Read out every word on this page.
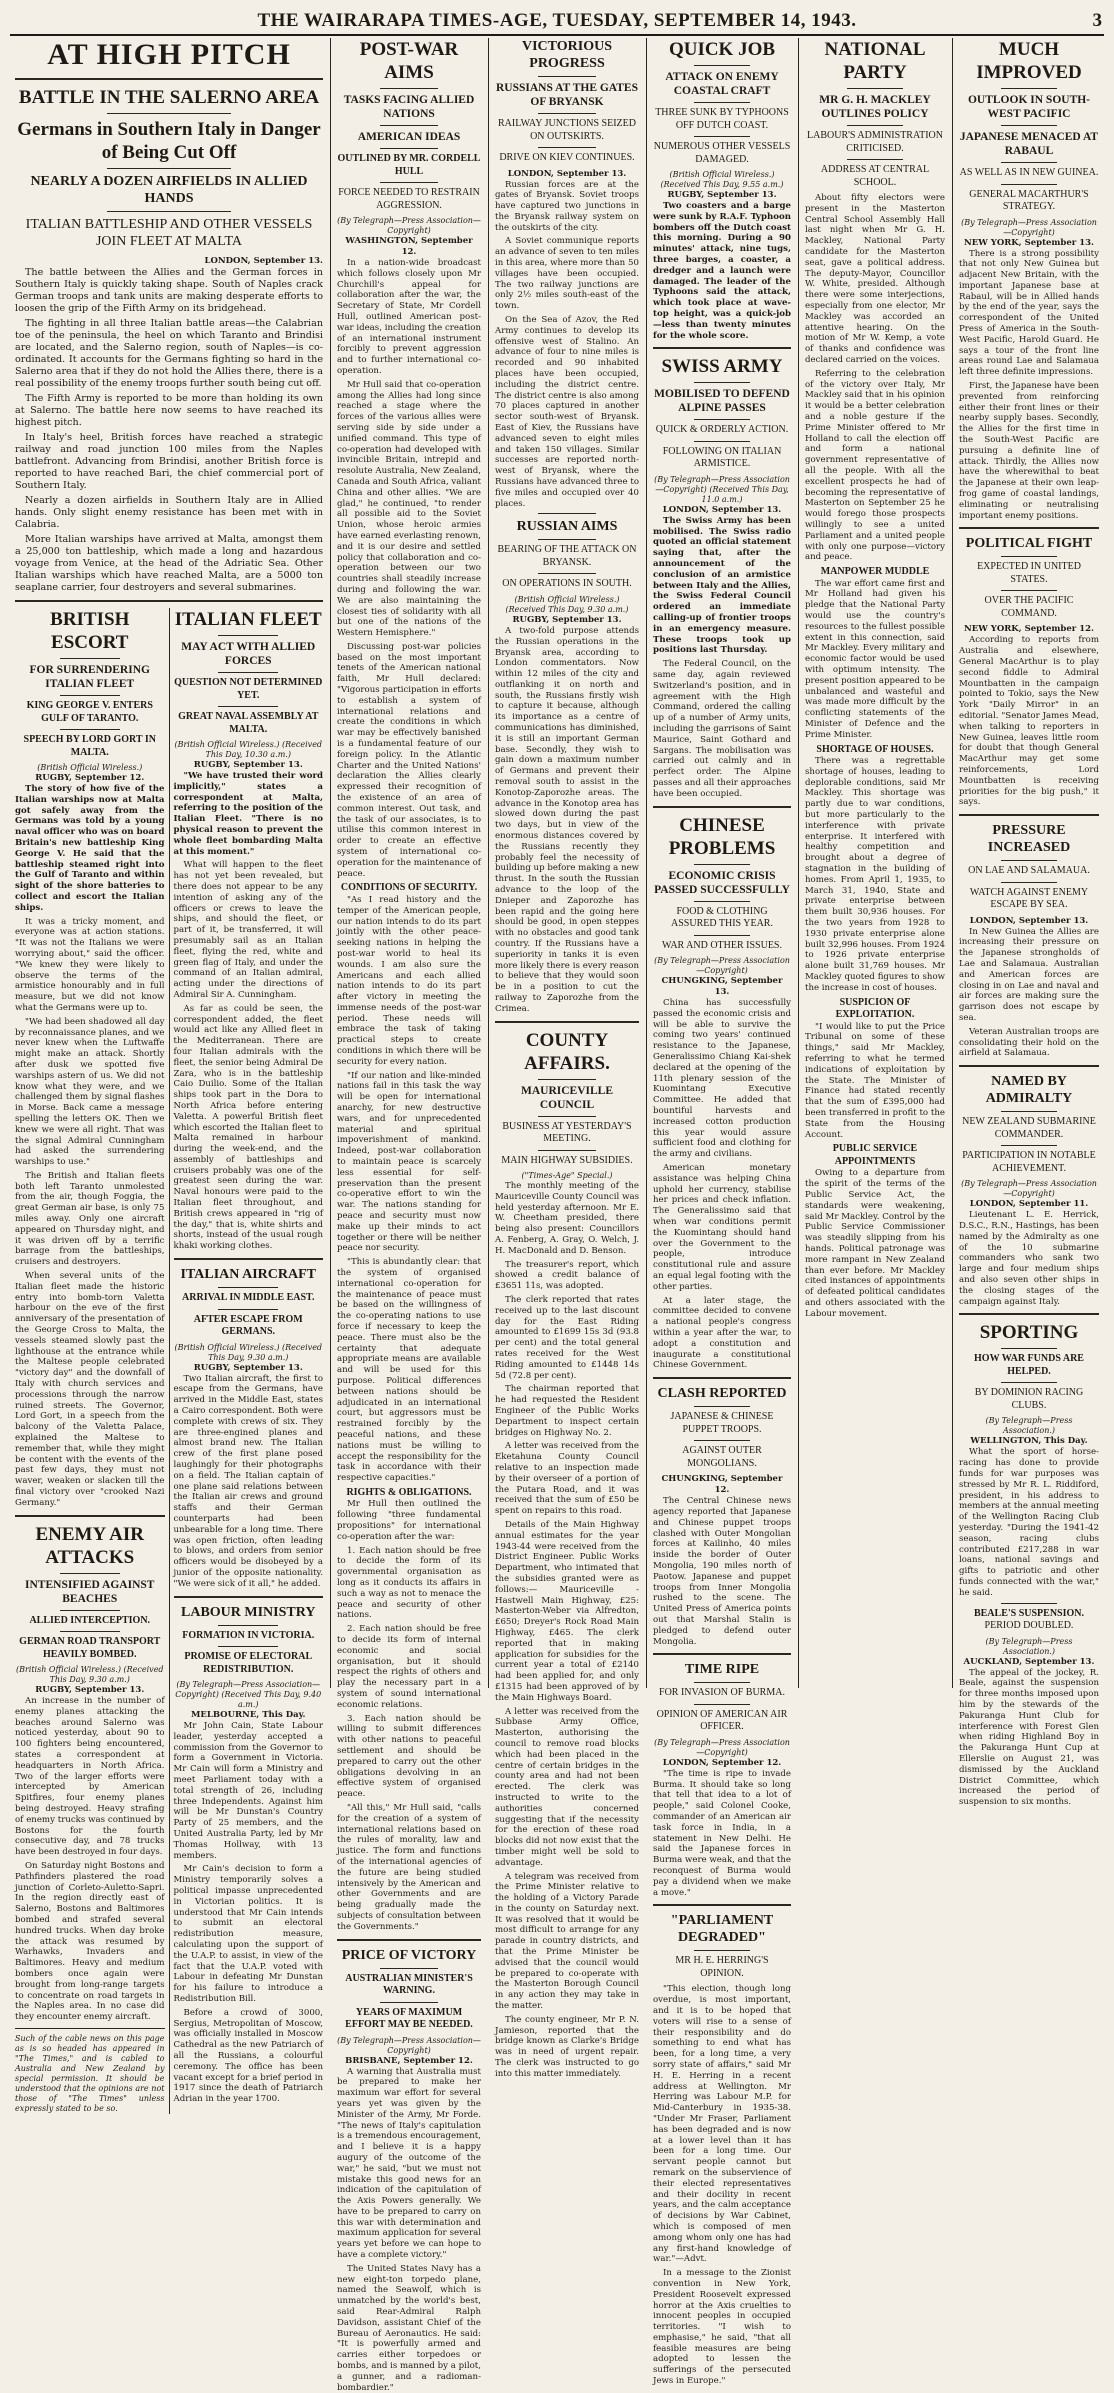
THE WAIRARAPA TIMES-AGE, TUESDAY, SEPTEMBER 14, 1943.	3
AT HIGH PITCH
BATTLE IN THE SALERNO AREA
Germans in Southern Italy in Danger of Being Cut Off
NEARLY A DOZEN AIRFIELDS IN ALLIED HANDS
ITALIAN BATTLESHIP AND OTHER VESSELS JOIN FLEET AT MALTA
LONDON, September 13.

The battle between the Allies and the German forces in Southern Italy is quickly taking shape. South of Naples crack German troops and tank units are making desperate efforts to loosen the grip of the Fifth Army on its bridgehead.

The fighting in all three Italian battle areas—the Calabrian toe of the peninsula, the heel on which Taranto and Brindisi are located, and the Salerno region, south of Naples—is co-ordinated. It accounts for the Germans fighting so hard in the Salerno area that if they do not hold the Allies there, there is a real possibility of the enemy troops further south being cut off.

The Fifth Army is reported to be more than holding its own at Salerno. The battle here now seems to have reached its highest pitch.

In Italy's heel, British forces have reached a strategic railway and road junction 100 miles from the Naples battlefront. Advancing from Brindisi, another British force is reported to have reached Bari, the chief commercial port of Southern Italy.

Nearly a dozen airfields in Southern Italy are in Allied hands. Only slight enemy resistance has been met with in Calabria.

More Italian warships have arrived at Malta, amongst them a 25,000 ton battleship, which made a long and hazardous voyage from Venice, at the head of the Adriatic Sea. Other Italian warships which have reached Malta, are a 5000 ton seaplane carrier, four destroyers and several submarines.

BRITISH ESCORT
FOR SURRENDERING ITALIAN FLEET
KING GEORGE V. ENTERS GULF OF TARANTO.
SPEECH BY LORD GORT IN MALTA.
(British Official Wireless.)
RUGBY, September 12.

The story of how five of the Italian warships now at Malta got safely away from the Germans was told by a young naval officer who was on board Britain's new battleship King George V. He said that the battleship steamed right into the Gulf of Taranto and within sight of the shore batteries to collect and escort the Italian ships.

It was a tricky moment, and everyone was at action stations. "It was not the Italians we were worrying about," said the officer. "We knew they were likely to observe the terms of the armistice honourably and in full measure, but we did not know what the Germans were up to.

"We had been shadowed all day by reconnaissance planes, and we never knew when the Luftwaffe might make an attack. Shortly after dusk we spotted five warships astern of us. We did not know what they were, and we challenged them by signal flashes in Morse. Back came a message spelling the letters OK. Then we knew we were all right. That was the signal Admiral Cunningham had asked the surrendering warships to use."

The British and Italian fleets both left Taranto unmolested from the air, though Foggia, the great German air base, is only 75 miles away. Only one aircraft appeared on Thursday night, and it was driven off by a terrific barrage from the battleships, cruisers and destroyers.

When several units of the Italian fleet made the historic entry into bomb-torn Valetta harbour on the eve of the first anniversary of the presentation of the George Cross to Malta, the vessels steamed slowly past the lighthouse at the entrance while the Maltese people celebrated "victory day" and the downfall of Italy with church services and processions through the narrow ruined streets. The Governor, Lord Gort, in a speech from the balcony of the Valetta Palace, explained the Maltese to remember that, while they might be content with the events of the past few days, they must not waver, weaken or slacken till the final victory over "crooked Nazi Germany."

ENEMY AIR ATTACKS
INTENSIFIED AGAINST BEACHES
ALLIED INTERCEPTION.
GERMAN ROAD TRANSPORT HEAVILY BOMBED.
(British Official Wireless.) (Received This Day, 9.30 a.m.)
RUGBY, September 13.

An increase in the number of enemy planes attacking the beaches around Salerno was noticed yesterday, about 90 to 100 fighters being encountered, states a correspondent at headquarters in North Africa. Two of the larger efforts were intercepted by American Spitfires, four enemy planes being destroyed. Heavy strafing of enemy trucks was continued by Bostons for the fourth consecutive day, and 78 trucks have been destroyed in four days.

On Saturday night Bostons and Pathfinders plastered the road junction of Corleto-Auletto-Sapri. In the region directly east of Salerno, Bostons and Baltimores bombed and strafed several hundred trucks. When day broke the attack was resumed by Warhawks, Invaders and Baltimores. Heavy and medium bombers once again were brought from long-range targets to concentrate on road targets in the Naples area. In no case did they encounter enemy aircraft.

Such of the cable news on this page as is so headed has appeared in "The Times," and is cabled to Australia and New Zealand by special permission. It should be understood that the opinions are not those of "The Times" unless expressly stated to be so.
ITALIAN FLEET
MAY ACT WITH ALLIED FORCES
QUESTION NOT DETERMINED YET.
GREAT NAVAL ASSEMBLY AT MALTA.
(British Official Wireless.) (Received This Day, 10.30 a.m.)
RUGBY, September 13.

"We have trusted their word implicitly," states a correspondent at Malta, referring to the position of the Italian Fleet. "There is no physical reason to prevent the whole fleet bombarding Malta at this moment."

What will happen to the fleet has not yet been revealed, but there does not appear to be any intention of asking any of the officers or crews to leave the ships, and should the fleet, or part of it, be transferred, it will presumably sail as an Italian fleet, flying the red, white and green flag of Italy, and under the command of an Italian admiral, acting under the directions of Admiral Sir A. Cunningham.

As far as could be seen, the correspondent added, the fleet would act like any Allied fleet in the Mediterranean. There are four Italian admirals with the fleet, the senior being Admiral De Zara, who is in the battleship Caio Duilio. Some of the Italian ships took part in the Dora to North Africa before entering Valetta. A powerful British fleet which escorted the Italian fleet to Malta remained in harbour during the week-end, and the assembly of battleships and cruisers probably was one of the greatest seen during the war. Naval honours were paid to the Italian fleet throughout, and British crews appeared in "rig of the day," that is, white shirts and shorts, instead of the usual rough khaki working clothes.

ITALIAN AIRCRAFT
ARRIVAL IN MIDDLE EAST.
AFTER ESCAPE FROM GERMANS.
(British Official Wireless.) (Received This Day, 9.30 a.m.)
RUGBY, September 13.

Two Italian aircraft, the first to escape from the Germans, have arrived in the Middle East, states a Cairo correspondent. Both were complete with crews of six. They are three-engined planes and almost brand new. The Italian crew of the first plane posed laughingly for their photographs on a field. The Italian captain of one plane said relations between the Italian air crews and ground staffs and their German counterparts had been unbearable for a long time. There was open friction, often leading to blows, and orders from senior officers would be disobeyed by a junior of the opposite nationality. "We were sick of it all," he added.

LABOUR MINISTRY
FORMATION IN VICTORIA.
PROMISE OF ELECTORAL REDISTRIBUTION.
(By Telegraph—Press Association—Copyright) (Received This Day, 9.40 a.m.)
MELBOURNE, This Day.

Mr John Cain, State Labour leader, yesterday accepted a commission from the Governor to form a Government in Victoria. Mr Cain will form a Ministry and meet Parliament today with a total strength of 26, including three Independents. Against him will be Mr Dunstan's Country Party of 25 members, and the United Australia Party, led by Mr Thomas Hollway, with 13 members.

Mr Cain's decision to form a Ministry temporarily solves a political impasse unprecedented in Victorian politics. It is understood that Mr Cain intends to submit an electoral redistribution measure, calculating upon the support of the U.A.P. to assist, in view of the fact that the U.A.P. voted with Labour in defeating Mr Dunstan for his failure to introduce a Redistribution Bill.

Before a crowd of 3000, Sergius, Metropolitan of Moscow, was officially installed in Moscow Cathedral as the new Patriarch of all the Russians, a colourful ceremony. The office has been vacant except for a brief period in 1917 since the death of Patriarch Adrian in the year 1700.

POST-WAR AIMS
TASKS FACING ALLIED NATIONS
AMERICAN IDEAS
OUTLINED BY MR. CORDELL HULL
FORCE NEEDED TO RESTRAIN AGGRESSION.
(By Telegraph—Press Association—Copyright)
WASHINGTON, September 12.

In a nation-wide broadcast which follows closely upon Mr Churchill's appeal for collaboration after the war, the Secretary of State, Mr Cordell Hull, outlined American post-war ideas, including the creation of an international instrument forcibly to prevent aggression and to further international co-operation.

Mr Hull said that co-operation among the Allies had long since reached a stage where the forces of the various allies were serving side by side under a unified command. This type of co-operation had developed with invincible Britain, intrepid and resolute Australia, New Zealand, Canada and South Africa, valiant China and other allies. "We are glad," he continued, "to render all possible aid to the Soviet Union, whose heroic armies have earned everlasting renown, and it is our desire and settled policy that collaboration and co-operation between our two countries shall steadily increase during and following the war. We are also maintaining the closest ties of solidarity with all but one of the nations of the Western Hemisphere."

Discussing post-war policies based on the most important tenets of the American national faith, Mr Hull declared: "Vigorous participation in efforts to establish a system of international relations and create the conditions in which war may be effectively banished is a fundamental feature of our foreign policy. In the Atlantic Charter and the United Nations' declaration the Allies clearly expressed their recognition of the existence of an area of common interest. Out task, and the task of our associates, is to utilise this common interest in order to create an effective system of international co-operation for the maintenance of peace.

CONDITIONS OF SECURITY.

"As I read history and the temper of the American people, our nation intends to do its part jointly with the other peace-seeking nations in helping the post-war world to heal its wounds. I am also sure the Americans and each allied nation intends to do its part after victory in meeting the immense needs of the post-war period. These needs will embrace the task of taking practical steps to create conditions in which there will be security for every nation.

"If our nation and like-minded nations fail in this task the way will be open for international anarchy, for new destructive wars, and for unprecedented material and spiritual impoverishment of mankind. Indeed, post-war collaboration to maintain peace is scarcely less essential for self-preservation than the present co-operative effort to win the war. The nations standing for peace and security must now make up their minds to act together or there will be neither peace nor security.

"This is abundantly clear: that the system of organised international co-operation for the maintenance of peace must be based on the willingness of the co-operating nations to use force if necessary to keep the peace. There must also be the certainty that adequate appropriate means are available and will be used for this purpose. Political differences between nations should be adjudicated in an international court, but aggressors must be restrained forcibly by the peaceful nations, and these nations must be willing to accept the responsibility for the task in accordance with their respective capacities."

RIGHTS & OBLIGATIONS.

Mr Hull then outlined the following "three fundamental propositions" for international co-operation after the war:

1. Each nation should be free to decide the form of its governmental organisation as long as it conducts its affairs in such a way as not to menace the peace and security of other nations.

2. Each nation should be free to decide its form of internal economic and social organisation, but it should respect the rights of others and play the necessary part in a system of sound international economic relations.

3. Each nation should be willing to submit differences with other nations to peaceful settlement and should be prepared to carry out the other obligations devolving in an effective system of organised peace.

"All this," Mr Hull said, "calls for the creation of a system of international relations based on the rules of morality, law and justice. The form and functions of the international agencies of the future are being studied intensively by the American and other Governments and are being gradually made the subjects of consultation between the Governments."

PRICE OF VICTORY
AUSTRALIAN MINISTER'S WARNING.
YEARS OF MAXIMUM EFFORT MAY BE NEEDED.
(By Telegraph—Press Association—Copyright)
BRISBANE, September 12.

A warning that Australia must be prepared to make her maximum war effort for several years yet was given by the Minister of the Army, Mr Forde. "The news of Italy's capitulation is a tremendous encouragement, and I believe it is a happy augury of the outcome of the war," he said, "but we must not mistake this good news for an indication of the capitulation of the Axis Powers generally. We have to be prepared to carry on this war with determination and maximum application for several years yet before we can hope to have a complete victory."

The United States Navy has a new eight-ton torpedo plane, named the Seawolf, which is unmatched by the world's best, said Rear-Admiral Ralph Davidson, assistant Chief of the Bureau of Aeronautics. He said: "It is powerfully armed and carries either torpedoes or bombs, and is manned by a pilot, a gunner, and a radioman-bombardier."

VICTORIOUS PROGRESS
RUSSIANS AT THE GATES OF BRYANSK
RAILWAY JUNCTIONS SEIZED ON OUTSKIRTS.
DRIVE ON KIEV CONTINUES.
LONDON, September 13.

Russian forces are at the gates of Bryansk. Soviet troops have captured two junctions in the Bryansk railway system on the outskirts of the city.

A Soviet communique reports an advance of seven to ten miles in this area, where more than 50 villages have been occupied. The two railway junctions are only 2½ miles south-east of the town.

On the Sea of Azov, the Red Army continues to develop its offensive west of Stalino. An advance of four to nine miles is recorded and 90 inhabited places have been occupied, including the district centre. The district centre is also among 70 places captured in another sector south-west of Bryansk. East of Kiev, the Russians have advanced seven to eight miles and taken 150 villages. Similar successes are reported north-west of Bryansk, where the Russians have advanced three to five miles and occupied over 40 places.

RUSSIAN AIMS
BEARING OF THE ATTACK ON BRYANSK.
ON OPERATIONS IN SOUTH.
(British Official Wireless.) (Received This Day, 9.30 a.m.)
RUGBY, September 13.

A two-fold purpose attends the Russian operations in the Bryansk area, according to London commentators. Now within 12 miles of the city and outflanking it on north and south, the Russians firstly wish to capture it because, although its importance as a centre of communications has diminished, it is still an important German base. Secondly, they wish to gain down a maximum number of Germans and prevent their removal south to assist in the Konotop-Zaporozhe areas. The advance in the Konotop area has slowed down during the past two days, but in view of the enormous distances covered by the Russians recently they probably feel the necessity of building up before making a new thrust. In the south the Russian advance to the loop of the Dnieper and Zaporozhe has been rapid and the going here should be good, in open steppes with no obstacles and good tank country. If the Russians have a superiority in tanks it is even more likely there is every reason to believe that they would soon be in a position to cut the railway to Zaporozhe from the Crimea.

COUNTY AFFAIRS.
MAURICEVILLE COUNCIL
BUSINESS AT YESTERDAY'S MEETING.
MAIN HIGHWAY SUBSIDIES.
("Times-Age" Special.)

The monthly meeting of the Mauriceville County Council was held yesterday afternoon. Mr E. W. Cheetham presided, there being also present: Councillors A. Fenberg, A. Gray, O. Welch, J. H. MacDonald and D. Benson.

The treasurer's report, which showed a credit balance of £3651 11s, was adopted.

The clerk reported that rates received up to the last discount day for the East Riding amounted to £1699 15s 3d (93.8 per cent) and the total general rates received for the West Riding amounted to £1448 14s 5d (72.8 per cent).

The chairman reported that he had requested the Resident Engineer of the Public Works Department to inspect certain bridges on Highway No. 2.

A letter was received from the Eketahuna County Council relative to an inspection made by their overseer of a portion of the Putara Road, and it was received that the sum of £50 be spent on repairs to this road.

Details of the Main Highway annual estimates for the year 1943-44 were received from the District Engineer. Public Works Department, who intimated that the subsidies granted were as follows:— Mauriceville - Hastwell Main Highway, £25: Masterton-Weber via Alfredton, £650; Dreyer's Rock Road Main Highway, £465. The clerk reported that in making application for subsidies for the current year a total of £2140 had been applied for, and only £1315 had been approved of by the Main Highways Board.

A letter was received from the Subbase Army Office, Masterton, authorising the council to remove road blocks which had been placed in the centre of certain bridges in the county area and had not been erected. The clerk was instructed to write to the authorities concerned suggesting that if the necessity for the erection of these road blocks did not now exist that the timber might well be sold to advantage.

A telegram was received from the Prime Minister relative to the holding of a Victory Parade in the county on Saturday next. It was resolved that it would be most difficult to arrange for any parade in country districts, and that the Prime Minister be advised that the council would be prepared to co-operate with the Masterton Borough Council in any action they may take in the matter.

The county engineer, Mr P. N. Jamieson, reported that the bridge known as Clarke's Bridge was in need of urgent repair. The clerk was instructed to go into this matter immediately.

QUICK JOB
ATTACK ON ENEMY COASTAL CRAFT
THREE SUNK BY TYPHOONS OFF DUTCH COAST.
NUMEROUS OTHER VESSELS DAMAGED.
(British Official Wireless.) (Received This Day, 9.55 a.m.)
RUGBY, September 13.

Two coasters and a barge were sunk by R.A.F. Typhoon bombers off the Dutch coast this morning. During a 90 minutes' attack, nine tugs, three barges, a coaster, a dredger and a launch were damaged. The leader of the Typhoons said the attack, which took place at wave-top height, was a quick-job—less than twenty minutes for the whole score.

SWISS ARMY
MOBILISED TO DEFEND ALPINE PASSES
QUICK & ORDERLY ACTION.
FOLLOWING ON ITALIAN ARMISTICE.
(By Telegraph—Press Association—Copyright) (Received This Day, 11.0 a.m.)
LONDON, September 13.

The Swiss Army has been mobilised. The Swiss radio quoted an official statement saying that, after the announcement of the conclusion of an armistice between Italy and the Allies, the Swiss Federal Council ordered an immediate calling-up of frontier troops in an emergency measure. These troops took up positions last Thursday.

The Federal Council, on the same day, again reviewed Switzerland's position, and in agreement with the High Command, ordered the calling up of a number of Army units, including the garrisons of Saint Maurice, Saint Gothard and Sargans. The mobilisation was carried out calmly and in perfect order. The Alpine passes and all their approaches have been occupied.

CHINESE PROBLEMS
ECONOMIC CRISIS PASSED SUCCESSFULLY
FOOD & CLOTHING ASSURED THIS YEAR.
WAR AND OTHER ISSUES.
(By Telegraph—Press Association—Copyright)
CHUNGKING, September 13.

China has successfully passed the economic crisis and will be able to survive the coming two years' continued resistance to the Japanese, Generalissimo Chiang Kai-shek declared at the opening of the 11th plenary session of the Kuomintang Executive Committee. He added that bountiful harvests and increased cotton production this year would assure sufficient food and clothing for the army and civilians.

American monetary assistance was helping China uphold her currency, stabilise her prices and check inflation. The Generalissimo said that when war conditions permit the Kuomintang should hand over the Government to the people, introduce constitutional rule and assure an equal legal footing with the other parties.

At a later stage, the committee decided to convene a national people's congress within a year after the war, to adopt a constitution and inaugurate a constitutional Chinese Government.

CLASH REPORTED
JAPANESE & CHINESE PUPPET TROOPS.
AGAINST OUTER MONGOLIANS.
CHUNGKING, September 12.

The Central Chinese news agency reported that Japanese and Chinese puppet troops clashed with Outer Mongolian forces at Kailinho, 40 miles inside the border of Outer Mongolia, 190 miles north of Paotow. Japanese and puppet troops from Inner Mongolia rushed to the scene. The United Press of America points out that Marshal Stalin is pledged to defend outer Mongolia.

TIME RIPE
FOR INVASION OF BURMA.
OPINION OF AMERICAN AIR OFFICER.
(By Telegraph—Press Association—Copyright)
LONDON, September 12.

"The time is ripe to invade Burma. It should take so long that tell that idea to a lot of people," said Colonel Cooke, commander of an American air task force in India, in a statement in New Delhi. He said the Japanese forces in Burma were weak, and that the reconquest of Burma would pay a dividend when we make a move."

"PARLIAMENT DEGRADED"
MR H. E. HERRING'S OPINION.

"This election, though long overdue, is most important, and it is to be hoped that voters will rise to a sense of their responsibility and do something to end what has been, for a long time, a very sorry state of affairs," said Mr H. E. Herring in a recent address at Wellington. Mr Herring was Labour M.P. for Mid-Canterbury in 1935-38. "Under Mr Fraser, Parliament has been degraded and is now at a lower level than it has been for a long time. Our servant people cannot but remark on the subservience of their elected representatives and their docility in recent years, and the calm acceptance of decisions by War Cabinet, which is composed of men among whom only one has had any first-hand knowledge of war."—Advt.

In a message to the Zionist convention in New York, President Roosevelt expressed horror at the Axis cruelties to innocent peoples in occupied territories. "I wish to emphasise," he said, "that all feasible measures are being adopted to lessen the sufferings of the persecuted Jews in Europe."

NATIONAL PARTY
MR G. H. MACKLEY OUTLINES POLICY
LABOUR'S ADMINISTRATION CRITICISED.
ADDRESS AT CENTRAL SCHOOL.

About fifty electors were present in the Masterton Central School Assembly Hall last night when Mr G. H. Mackley, National Party candidate for the Masterton seat, gave a political address. The deputy-Mayor, Councillor W. White, presided. Although there were some interjections, especially from one elector, Mr Mackley was accorded an attentive hearing. On the motion of Mr W. Kemp, a vote of thanks and confidence was declared carried on the voices.

Referring to the celebration of the victory over Italy, Mr Mackley said that in his opinion it would be a better celebration and a noble gesture if the Prime Minister offered to Mr Holland to call the election off and form a national government representative of all the people. With all the excellent prospects he had of becoming the representative of Masterton on September 25 he would forego those prospects willingly to see a united Parliament and a united people with only one purpose—victory and peace.

MANPOWER MUDDLE

The war effort came first and Mr Holland had given his pledge that the National Party would use the country's resources to the fullest possible extent in this connection, said Mr Mackley. Every military and economic factor would be used with optimum intensity. The present position appeared to be unbalanced and wasteful and was made more difficult by the conflicting statements of the Minister of Defence and the Prime Minister.

SHORTAGE OF HOUSES.

There was a regrettable shortage of houses, leading to deplorable conditions, said Mr Mackley. This shortage was partly due to war conditions, but more particularly to the interference with private enterprise. It interfered with healthy competition and brought about a degree of stagnation in the building of homes. From April 1, 1935, to March 31, 1940, State and private enterprise between them built 30,936 houses. For the two years from 1928 to 1930 private enterprise alone built 32,996 houses. From 1924 to 1926 private enterprise alone built 31,769 houses. Mr Mackley quoted figures to show the increase in cost of houses.

SUSPICION OF EXPLOITATION.

"I would like to put the Price Tribunal on some of these things," said Mr Mackley, referring to what he termed indications of exploitation by the State. The Minister of Finance had stated recently that the sum of £395,000 had been transferred in profit to the State from the Housing Account.

PUBLIC SERVICE APPOINTMENTS

Owing to a departure from the spirit of the terms of the Public Service Act, the standards were weakening, said Mr Mackley. Control by the Public Service Commissioner was steadily slipping from his hands. Political patronage was more rampant in New Zealand than ever before. Mr Mackley cited instances of appointments of defeated political candidates and others associated with the Labour movement.

MUCH IMPROVED
OUTLOOK IN SOUTH-WEST PACIFIC
JAPANESE MENACED AT RABAUL
AS WELL AS IN NEW GUINEA.
GENERAL MACARTHUR'S STRATEGY.
(By Telegraph—Press Association—Copyright)
NEW YORK, September 13.

There is a strong possibility that not only New Guinea but adjacent New Britain, with the important Japanese base at Rabaul, will be in Allied hands by the end of the year, says the correspondent of the United Press of America in the South-West Pacific, Harold Guard. He says a tour of the front line areas round Lae and Salamaua left three definite impressions.

First, the Japanese have been prevented from reinforcing either their front lines or their nearby supply bases. Secondly, the Allies for the first time in the South-West Pacific are pursuing a definite line of attack. Thirdly, the Allies now have the wherewithal to beat the Japanese at their own leap-frog game of coastal landings, eliminating or neutralising important enemy positions.

POLITICAL FIGHT
EXPECTED IN UNITED STATES.
OVER THE PACIFIC COMMAND.
NEW YORK, September 12.

According to reports from Australia and elsewhere, General MacArthur is to play second fiddle to Admiral Mountbatten in the campaign pointed to Tokio, says the New York "Daily Mirror" in an editorial. "Senator James Mead, when talking to reporters in New Guinea, leaves little room for doubt that though General MacArthur may get some reinforcements, Lord Mountbatten is receiving priorities for the big push," it says.

PRESSURE INCREASED
ON LAE AND SALAMAUA.
WATCH AGAINST ENEMY ESCAPE BY SEA.
LONDON, September 13.

In New Guinea the Allies are increasing their pressure on the Japanese strongholds of Lae and Salamaua. Australian and American forces are closing in on Lae and naval and air forces are making sure the garrison does not escape by sea.

Veteran Australian troops are consolidating their hold on the airfield at Salamaua.

NAMED BY ADMIRALTY
NEW ZEALAND SUBMARINE COMMANDER.
PARTICIPATION IN NOTABLE ACHIEVEMENT.
(By Telegraph—Press Association—Copyright)
LONDON, September 11.

Lieutenant L. E. Herrick, D.S.C., R.N., Hastings, has been named by the Admiralty as one of the 10 submarine commanders who sank two large and four medium ships and also seven other ships in the closing stages of the campaign against Italy.

SPORTING
HOW WAR FUNDS ARE HELPED.
BY DOMINION RACING CLUBS.
(By Telegraph—Press Association.)
WELLINGTON, This Day.

What the sport of horse-racing has done to provide funds for war purposes was stressed by Mr R. L. Riddiford, president, in his address to members at the annual meeting of the Wellington Racing Club yesterday. "During the 1941-42 season, racing clubs contributed £217,288 in war loans, national savings and gifts to patriotic and other funds connected with the war," he said.

BEALE'S SUSPENSION.
PERIOD DOUBLED.
(By Telegraph—Press Association.)
AUCKLAND, September 13.

The appeal of the jockey, R. Beale, against the suspension for three months imposed upon him by the stewards of the Pakuranga Hunt Club for interference with Forest Glen when riding Highland Boy in the Pakuranga Hunt Cup at Ellerslie on August 21, was dismissed by the Auckland District Committee, which increased the period of suspension to six months.
